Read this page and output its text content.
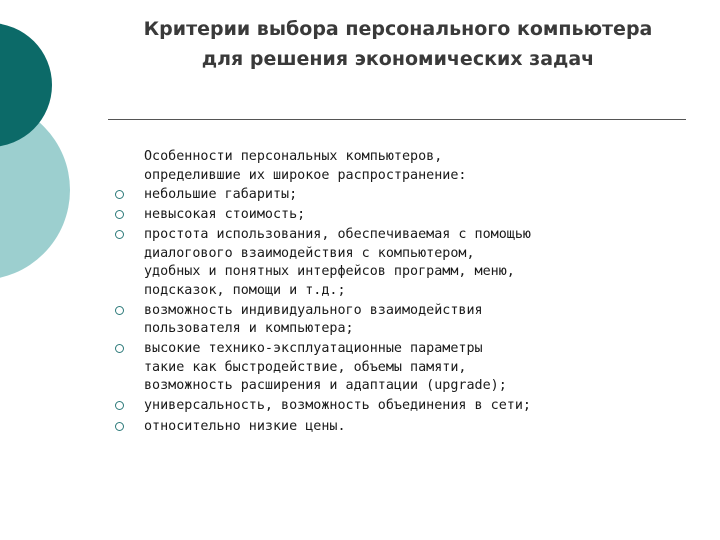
Критерии выбора персонального компьютера
для решения экономических задач
Особенности персональных компьютеров,
определившие их широкое распространение:
небольшие габариты;
невысокая стоимость;
простота использования, обеспечиваемая с помощью
диалогового взаимодействия с компьютером,
удобных и понятных интерфейсов программ, меню,
подсказок, помощи и т.д.;
возможность индивидуального взаимодействия
пользователя и компьютера;
высокие технико-эксплуатационные параметры
такие как быстродействие, объемы памяти,
возможность расширения и адаптации (upgrade);
универсальность, возможность объединения в сети;
относительно низкие цены.
